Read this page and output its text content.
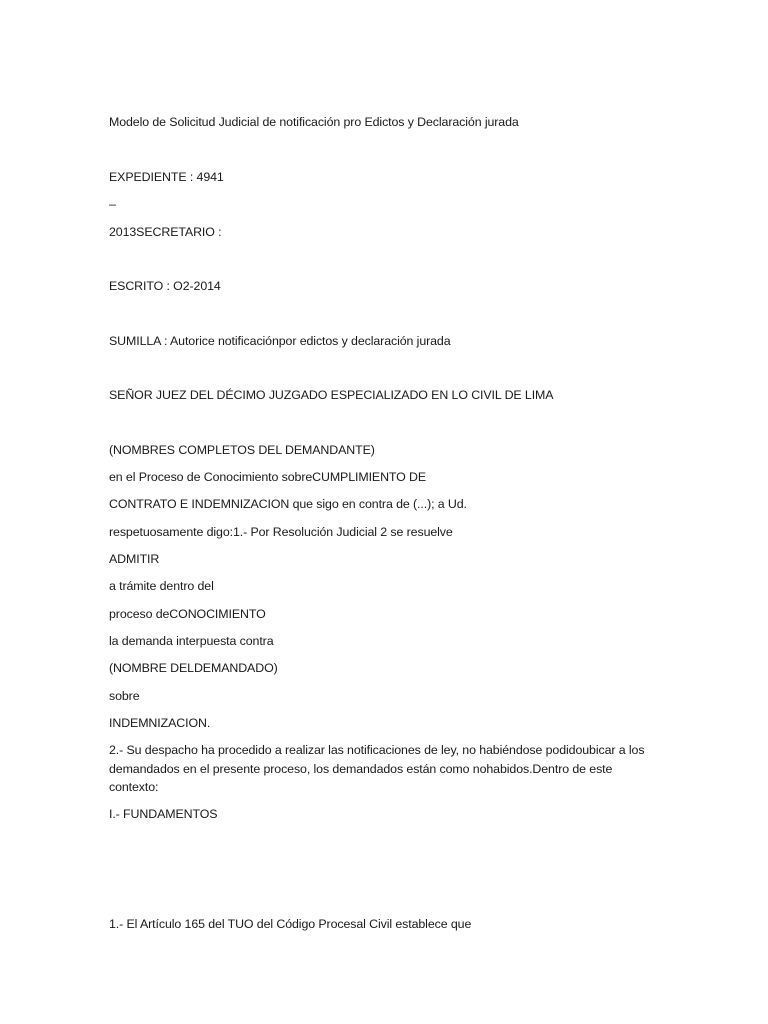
Modelo de Solicitud Judicial de notificación pro Edictos y Declaración jurada
EXPEDIENTE : 4941
–
2013SECRETARIO :
ESCRITO : O2-2014
SUMILLA : Autorice notificaciónpor edictos y declaración jurada
SEÑOR JUEZ DEL DÉCIMO JUZGADO ESPECIALIZADO EN LO CIVIL DE LIMA
(NOMBRES COMPLETOS DEL DEMANDANTE)
en el Proceso de Conocimiento sobreCUMPLIMIENTO DE
CONTRATO E INDEMNIZACION que sigo en contra de (...); a Ud.
respetuosamente digo:1.- Por Resolución Judicial 2 se resuelve
ADMITIR
a trámite dentro del
proceso deCONOCIMIENTO
la demanda interpuesta contra
(NOMBRE DELDEMANDADO)
sobre
INDEMNIZACION.
2.- Su despacho ha procedido a realizar las notificaciones de ley, no habiéndose podidoubicar a los demandados en el presente proceso, los demandados están como nohabidos.Dentro de este contexto:
I.- FUNDAMENTOS
1.- El Artículo 165 del TUO del Código Procesal Civil establece que
